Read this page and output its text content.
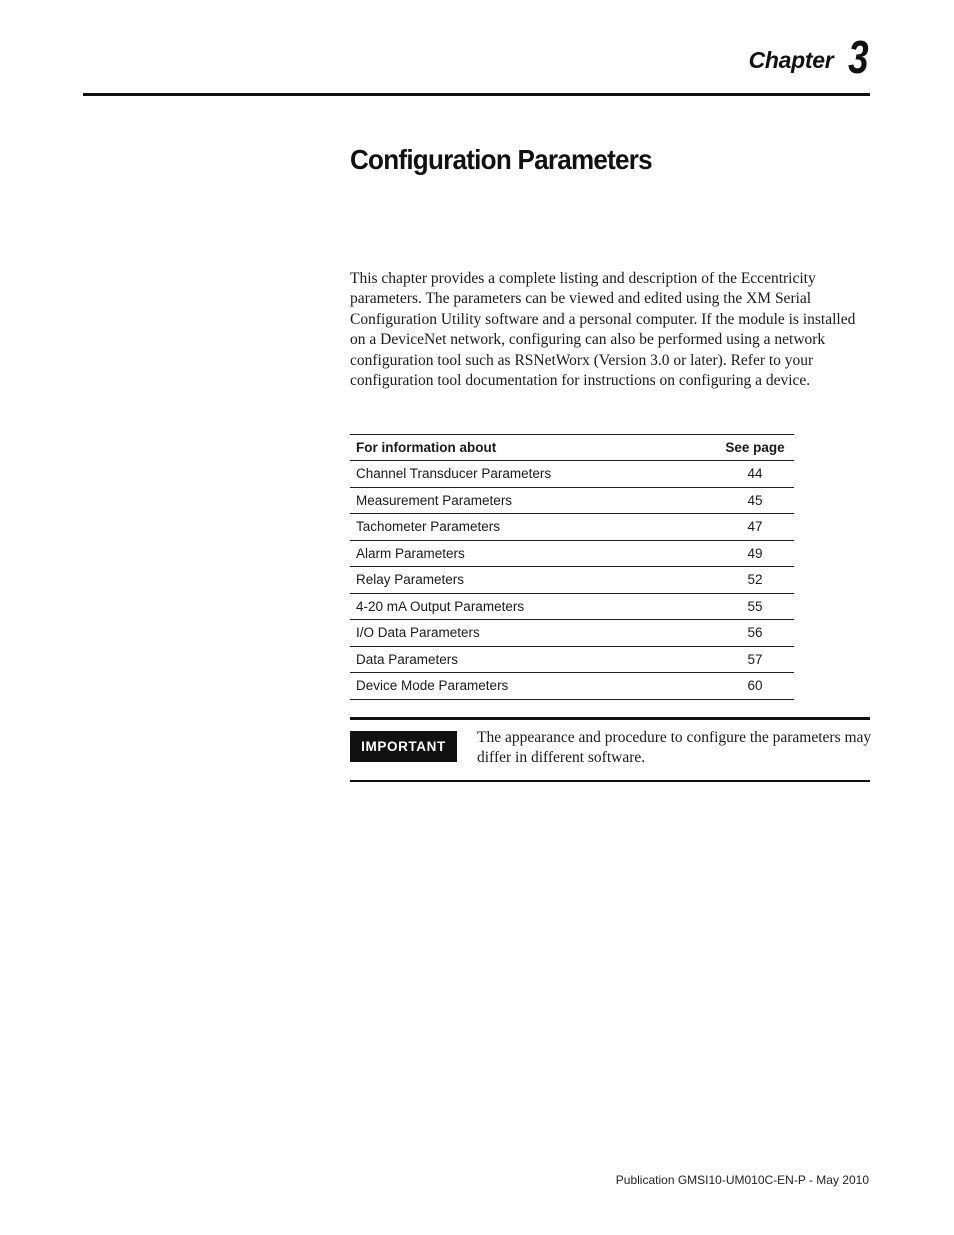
Chapter 3
Configuration Parameters

This chapter provides a complete listing and description of the Eccentricity parameters. The parameters can be viewed and edited using the XM Serial Configuration Utility software and a personal computer. If the module is installed on a DeviceNet network, configuring can also be performed using a network configuration tool such as RSNetWorx (Version 3.0 or later). Refer to your configuration tool documentation for instructions on configuring a device.

For information about	See page
Channel Transducer Parameters	44
Measurement Parameters	45
Tachometer Parameters	47
Alarm Parameters	49
Relay Parameters	52
4-20 mA Output Parameters	55
I/O Data Parameters	56
Data Parameters	57
Device Mode Parameters	60
IMPORTANT

The appearance and procedure to configure the parameters may differ in different software.

Publication GMSI10-UM010C-EN-P - May 2010
